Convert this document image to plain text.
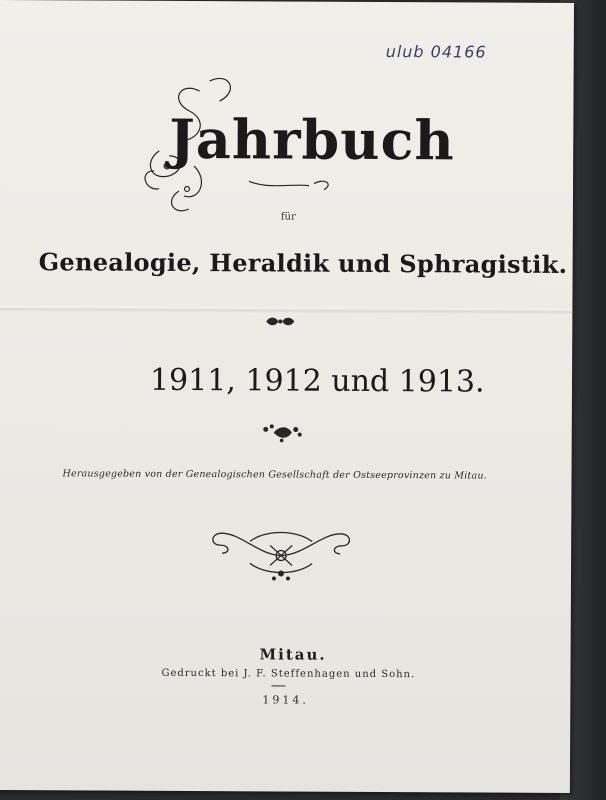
ulub 04166
Jahrbuch
für
Genealogie, Heraldik und Sphragistik.
1911, 1912 und 1913.
Herausgegeben von der Genealogischen Gesellschaft der Ostseeprovinzen zu Mitau.
Mitau.
Gedruckt bei J. F. Steffenhagen und Sohn.
1914.
